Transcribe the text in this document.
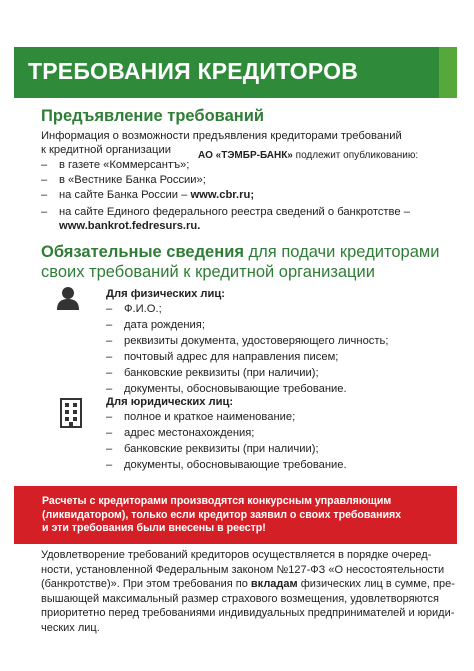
ТРЕБОВАНИЯ КРЕДИТОРОВ
Предъявление требований
Информация о возможности предъявления кредиторами требований
к кредитной организации	АО «ТЭМБР-БАНК» подлежит опубликованию:
– в газете «Коммерсантъ»;
– в «Вестнике Банка России»;
– на сайте Банка России – www.cbr.ru;
– на сайте Единого федерального реестра сведений о банкротстве –
www.bankrot.fedresurs.ru.
Обязательные сведения для подачи кредиторами
своих требований к кредитной организации
Для физических лиц:
– Ф.И.О.;
– дата рождения;
– реквизиты документа, удостоверяющего личность;
– почтовый адрес для направления писем;
– банковские реквизиты (при наличии);
– документы, обосновывающие требование.
Для юридических лиц:
– полное и краткое наименование;
– адрес местонахождения;
– банковские реквизиты (при наличии);
– документы, обосновывающие требование.
Расчеты с кредиторами производятся конкурсным управляющим
(ликвидатором), только если кредитор заявил о своих требованиях
и эти требования были внесены в реестр!
Удовлетворение требований кредиторов осуществляется в порядке очеред-
ности, установленной Федеральным законом №127-ФЗ «О несостоятельности
(банкротстве)». При этом требования по вкладам физических лиц в сумме, пре-
вышающей максимальный размер страхового возмещения, удовлетворяются
приоритетно перед требованиями индивидуальных предпринимателей и юриди-
ческих лиц.
